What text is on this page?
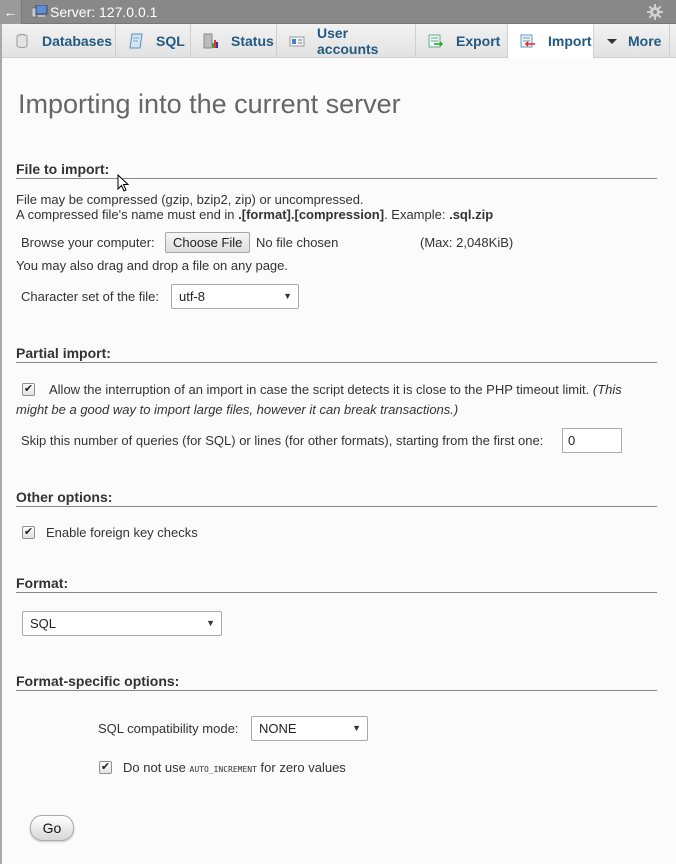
← Server: 127.0.0.1
Databases	SQL	Status	User accounts	Export	Import	More
Importing into the current server
File to import:
File may be compressed (gzip, bzip2, zip) or uncompressed.
A compressed file's name must end in .[format].[compression]. Example: .sql.zip
Browse your computer:	Choose File	No file chosen	(Max: 2,048KiB)
You may also drag and drop a file on any page.
Character set of the file:	utf-8	▼
Partial import:
✔ Allow the interruption of an import in case the script detects it is close to the PHP timeout limit. (This
might be a good way to import large files, however it can break transactions.)
Skip this number of queries (for SQL) or lines (for other formats), starting from the first one:	0
Other options:
✔ Enable foreign key checks
Format:
SQL	▼
Format-specific options:
SQL compatibility mode:	NONE	▼
✔ Do not use AUTO_INCREMENT for zero values
Go
